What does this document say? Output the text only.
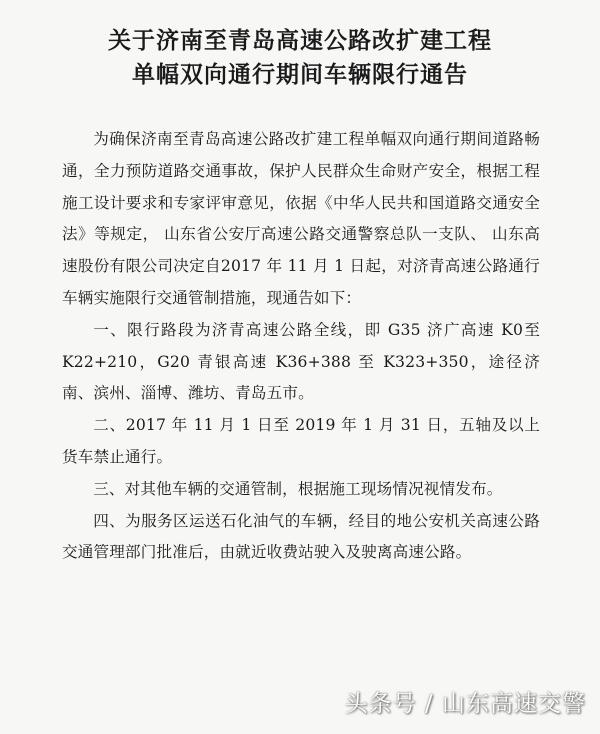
关于济南至青岛高速公路改扩建工程
单幅双向通行期间车辆限行通告

为确保济南至青岛高速公路改扩建工程单幅双向通行期间道路畅通，全力预防道路交通事故，保护人民群众生命财产安全，根据工程施工设计要求和专家评审意见，依据《中华人民共和国道路交通安全法》等规定， 山东省公安厅高速公路交通警察总队一支队、 山东高速股份有限公司决定自2017 年 11 月 1 日起，对济青高速公路通行车辆实施限行交通管制措施，现通告如下：

一、限行路段为济青高速公路全线，即 G35 济广高速 K0至 K22+210，G20 青银高速 K36+388 至 K323+350，途径济南、滨州、淄博、潍坊、青岛五市。

二、2017 年 11 月 1 日至 2019 年 1 月 31 日，五轴及以上货车禁止通行。

三、对其他车辆的交通管制，根据施工现场情况视情发布。

四、为服务区运送石化油气的车辆，经目的地公安机关高速公路交通管理部门批准后，由就近收费站驶入及驶离高速公路。

头条号 / 山东高速交警
